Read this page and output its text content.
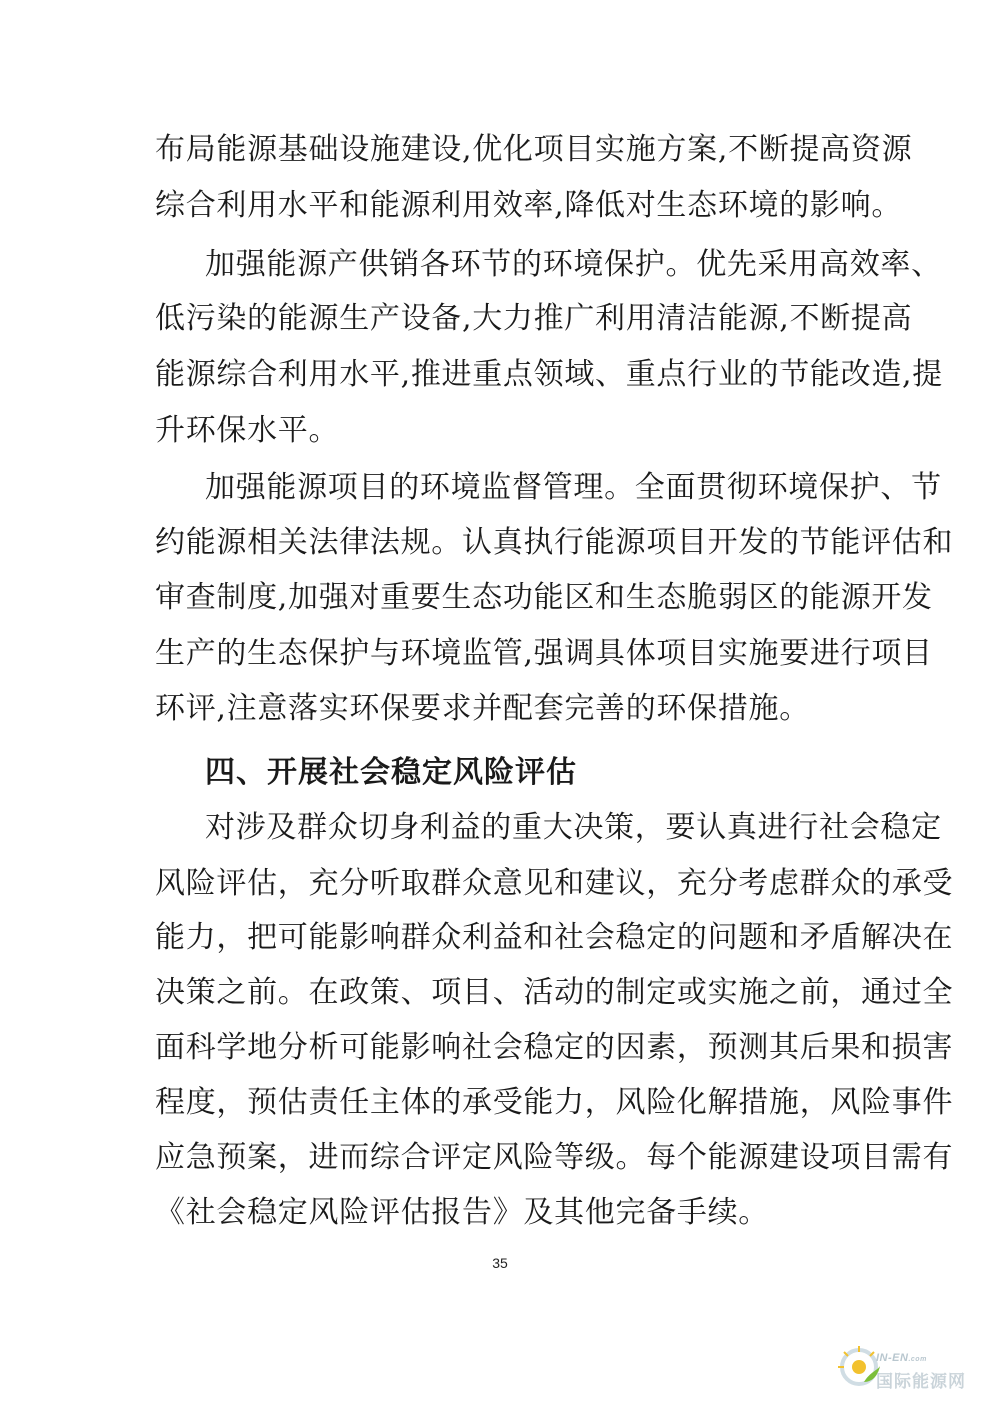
布局能源基础设施建设,优化项目实施方案,不断提高资源
综合利用水平和能源利用效率,降低对生态环境的影响。
加强能源产供销各环节的环境保护。优先采用高效率、
低污染的能源生产设备,大力推广利用清洁能源,不断提高
能源综合利用水平,推进重点领域、重点行业的节能改造,提
升环保水平。
加强能源项目的环境监督管理。全面贯彻环境保护、节
约能源相关法律法规。认真执行能源项目开发的节能评估和
审查制度,加强对重要生态功能区和生态脆弱区的能源开发
生产的生态保护与环境监管,强调具体项目实施要进行项目
环评,注意落实环保要求并配套完善的环保措施。
四、开展社会稳定风险评估
对涉及群众切身利益的重大决策，要认真进行社会稳定
风险评估，充分听取群众意见和建议，充分考虑群众的承受
能力，把可能影响群众利益和社会稳定的问题和矛盾解决在
决策之前。在政策、项目、活动的制定或实施之前，通过全
面科学地分析可能影响社会稳定的因素，预测其后果和损害
程度，预估责任主体的承受能力，风险化解措施，风险事件
应急预案，进而综合评定风险等级。每个能源建设项目需有
《社会稳定风险评估报告》及其他完备手续。
35
IN-EN.com
国际能源网
